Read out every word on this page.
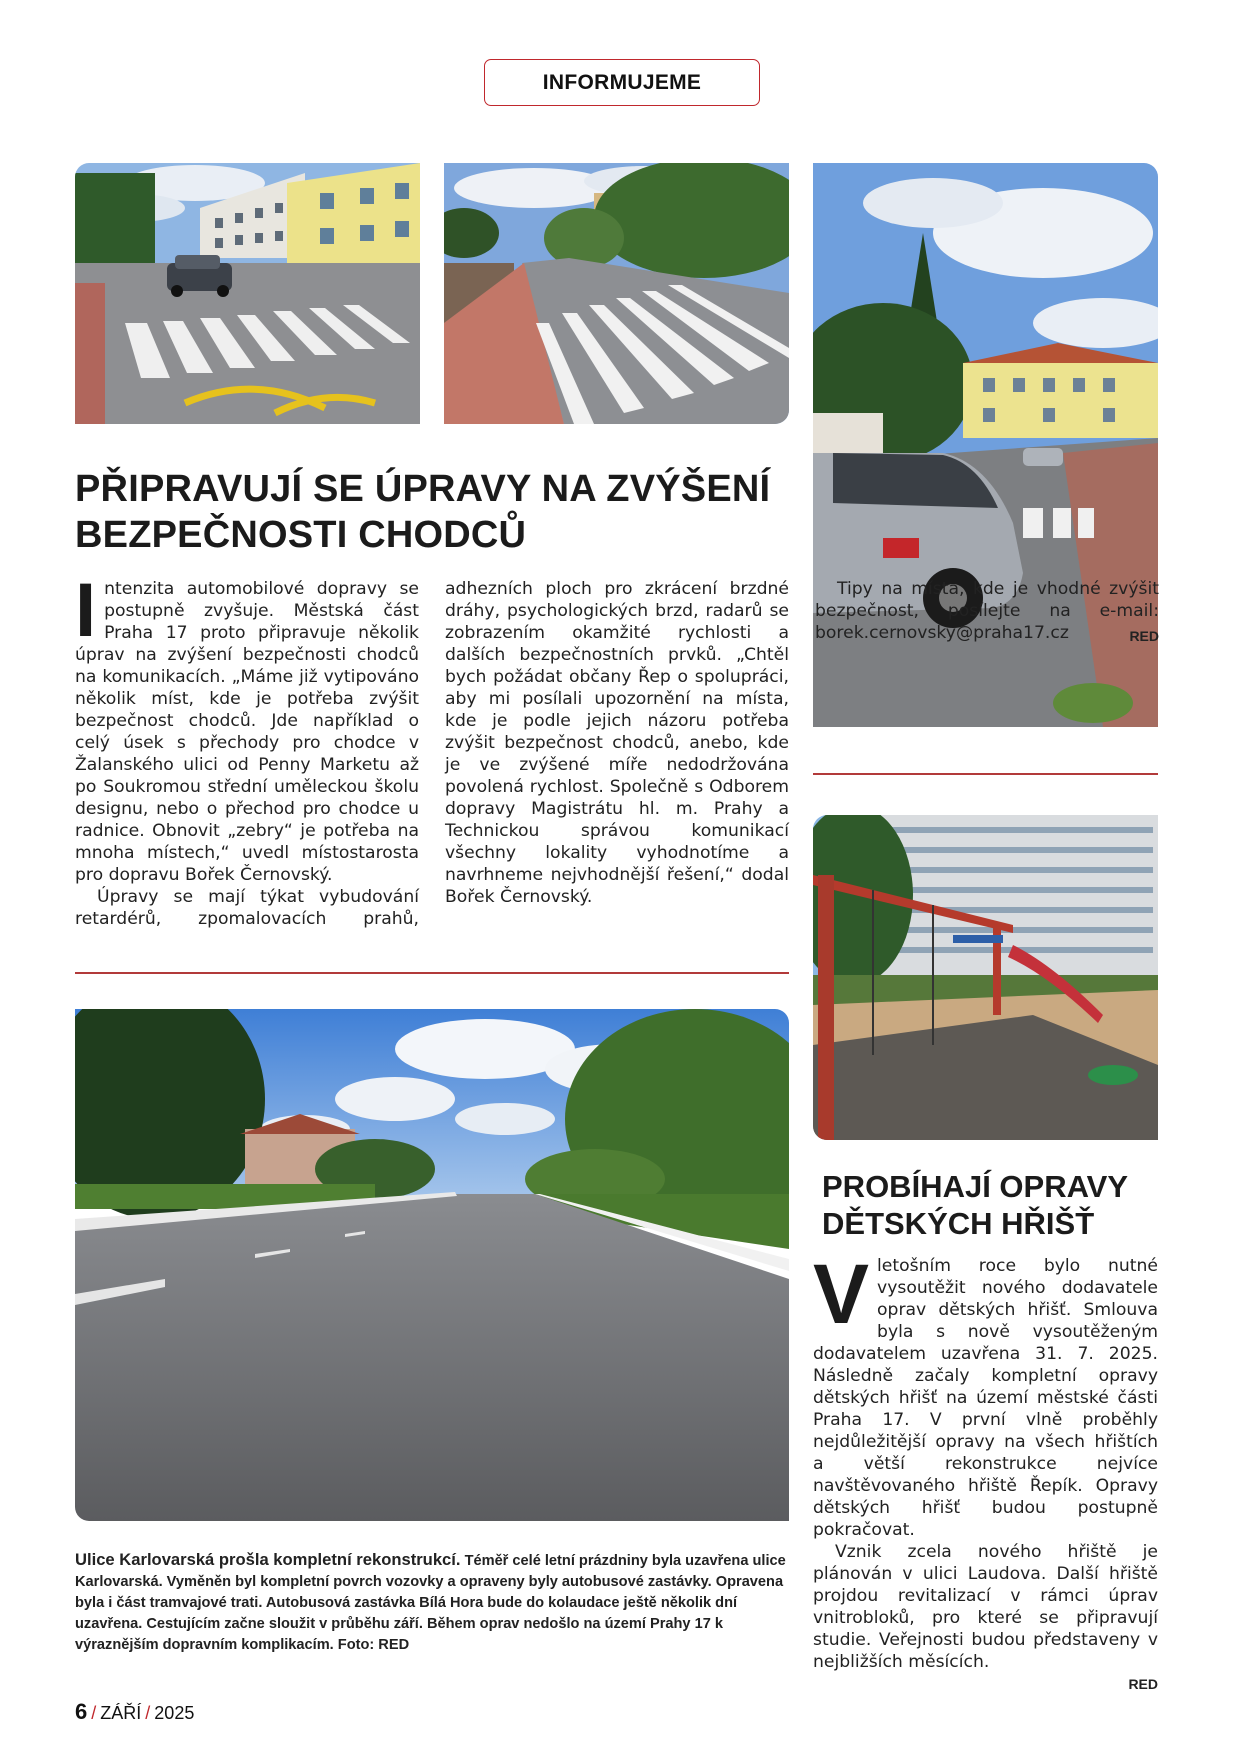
INFORMUJEME
PŘIPRAVUJÍ SE ÚPRAVY NA ZVÝŠENÍ BEZPEČNOSTI CHODCŮ
I ntenzita automobilové dopravy se postupně zvyšuje. Městská část Praha 17 proto připravuje několik úprav na zvýšení bezpečnosti chodců na komunikacích. „Máme již vytipováno několik míst, kde je potřeba zvýšit bezpečnost chodců. Jde například o celý úsek s přechody pro chodce v Žalanského ulici od Penny Marketu až po Soukromou střední uměleckou školu designu, nebo o přechod pro chodce u radnice. Obnovit „zebry“ je potřeba na mnoha místech,“ uvedl místostarosta pro dopravu Bořek Černovský.

Úpravy se mají týkat vybudování retardérů, zpomalovacích prahů, adhezních ploch pro zkrácení brzdné dráhy, psychologických brzd, radarů se zobrazením okamžité rychlosti a dalších bezpečnostních prvků. „Chtěl bych požádat občany Řep o spolupráci, aby mi posílali upozornění na místa, kde je podle jejich názoru potřeba zvýšit bezpečnost chodců, anebo, kde je ve zvýšené míře nedodržována povolená rychlost. Společně s Odborem dopravy Magistrátu hl. m. Prahy a Technickou správou komunikací všechny lokality vyhodnotíme a navrhneme nejvhodnější řešení,“ dodal Bořek Černovský.

Tipy na místa, kde je vhodné zvýšit bezpečnost, posílejte na e-mail: borek.cernovsky@praha17.cz	RED

PROBÍHAJÍ OPRAVY DĚTSKÝCH HŘIŠŤ
V letošním roce bylo nutné vysoutěžit nového dodavatele oprav dětských hřišť. Smlouva byla s nově vysoutěženým dodavatelem uzavřena 31. 7. 2025. Následně začaly kompletní opravy dětských hřišť na území městské části Praha 17. V první vlně proběhly nejdůležitější opravy na všech hřištích a větší rekonstrukce nejvíce navštěvovaného hřiště Řepík. Opravy dětských hřišť budou postupně pokračovat.

Vznik zcela nového hřiště je plánován v ulici Laudova. Další hřiště projdou revitalizací v rámci úprav vnitrobloků, pro které se připravují studie. Veřejnosti budou představeny v nejbližších měsících.

RED
Ulice Karlovarská prošla kompletní rekonstrukcí. Téměř celé letní prázdniny byla uzavřena ulice Karlovarská. Vyměněn byl kompletní povrch vozovky a opraveny byly autobusové zastávky. Opravena byla i část tramvajové trati. Autobusová zastávka Bílá Hora bude do kolaudace ještě několik dní uzavřena. Cestujícím začne sloužit v průběhu září. Během oprav nedošlo na území Prahy 17 k výraznějším dopravním komplikacím. Foto: RED
6 / ZÁŘÍ / 2025
